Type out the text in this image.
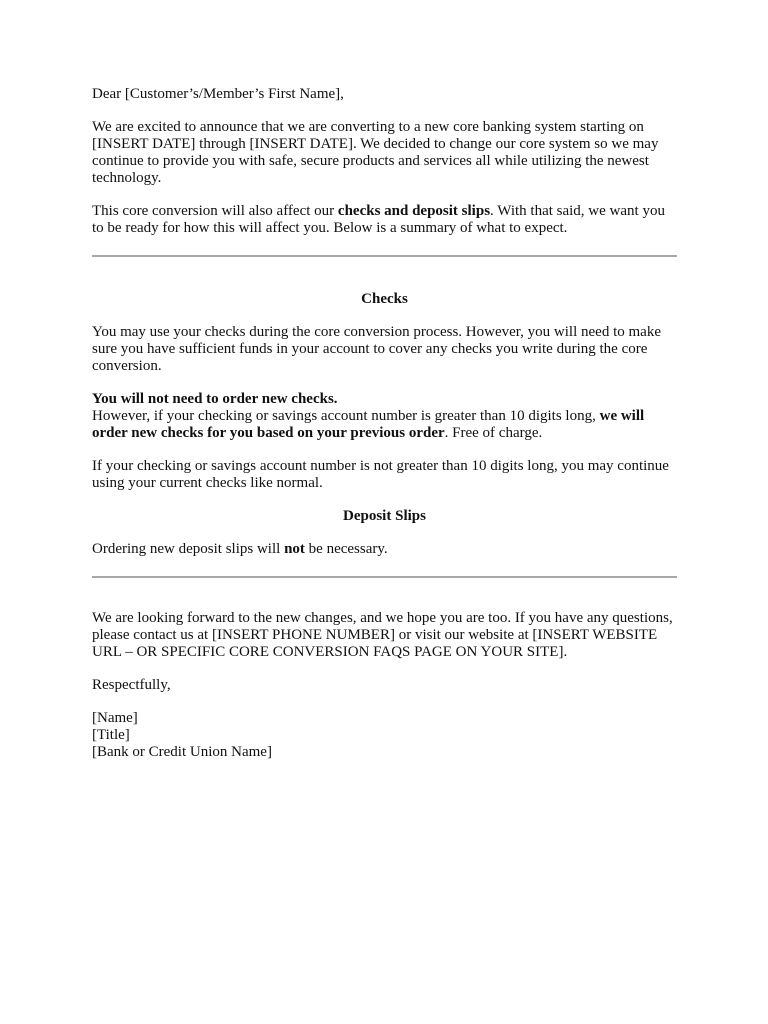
Dear [Customer’s/Member’s First Name],

We are excited to announce that we are converting to a new core banking system starting on [INSERT DATE] through [INSERT DATE]. We decided to change our core system so we may continue to provide you with safe, secure products and services all while utilizing the newest technology.

This core conversion will also affect our checks and deposit slips. With that said, we want you to be ready for how this will affect you. Below is a summary of what to expect.

Checks

You may use your checks during the core conversion process. However, you will need to make sure you have sufficient funds in your account to cover any checks you write during the core conversion.

You will not need to order new checks.

However, if your checking or savings account number is greater than 10 digits long, we will order new checks for you based on your previous order. Free of charge.

If your checking or savings account number is not greater than 10 digits long, you may continue using your current checks like normal.

Deposit Slips

Ordering new deposit slips will not be necessary.

We are looking forward to the new changes, and we hope you are too. If you have any questions, please contact us at [INSERT PHONE NUMBER] or visit our website at [INSERT WEBSITE URL – OR SPECIFIC CORE CONVERSION FAQS PAGE ON YOUR SITE].

Respectfully,

[Name]
[Title]
[Bank or Credit Union Name]
